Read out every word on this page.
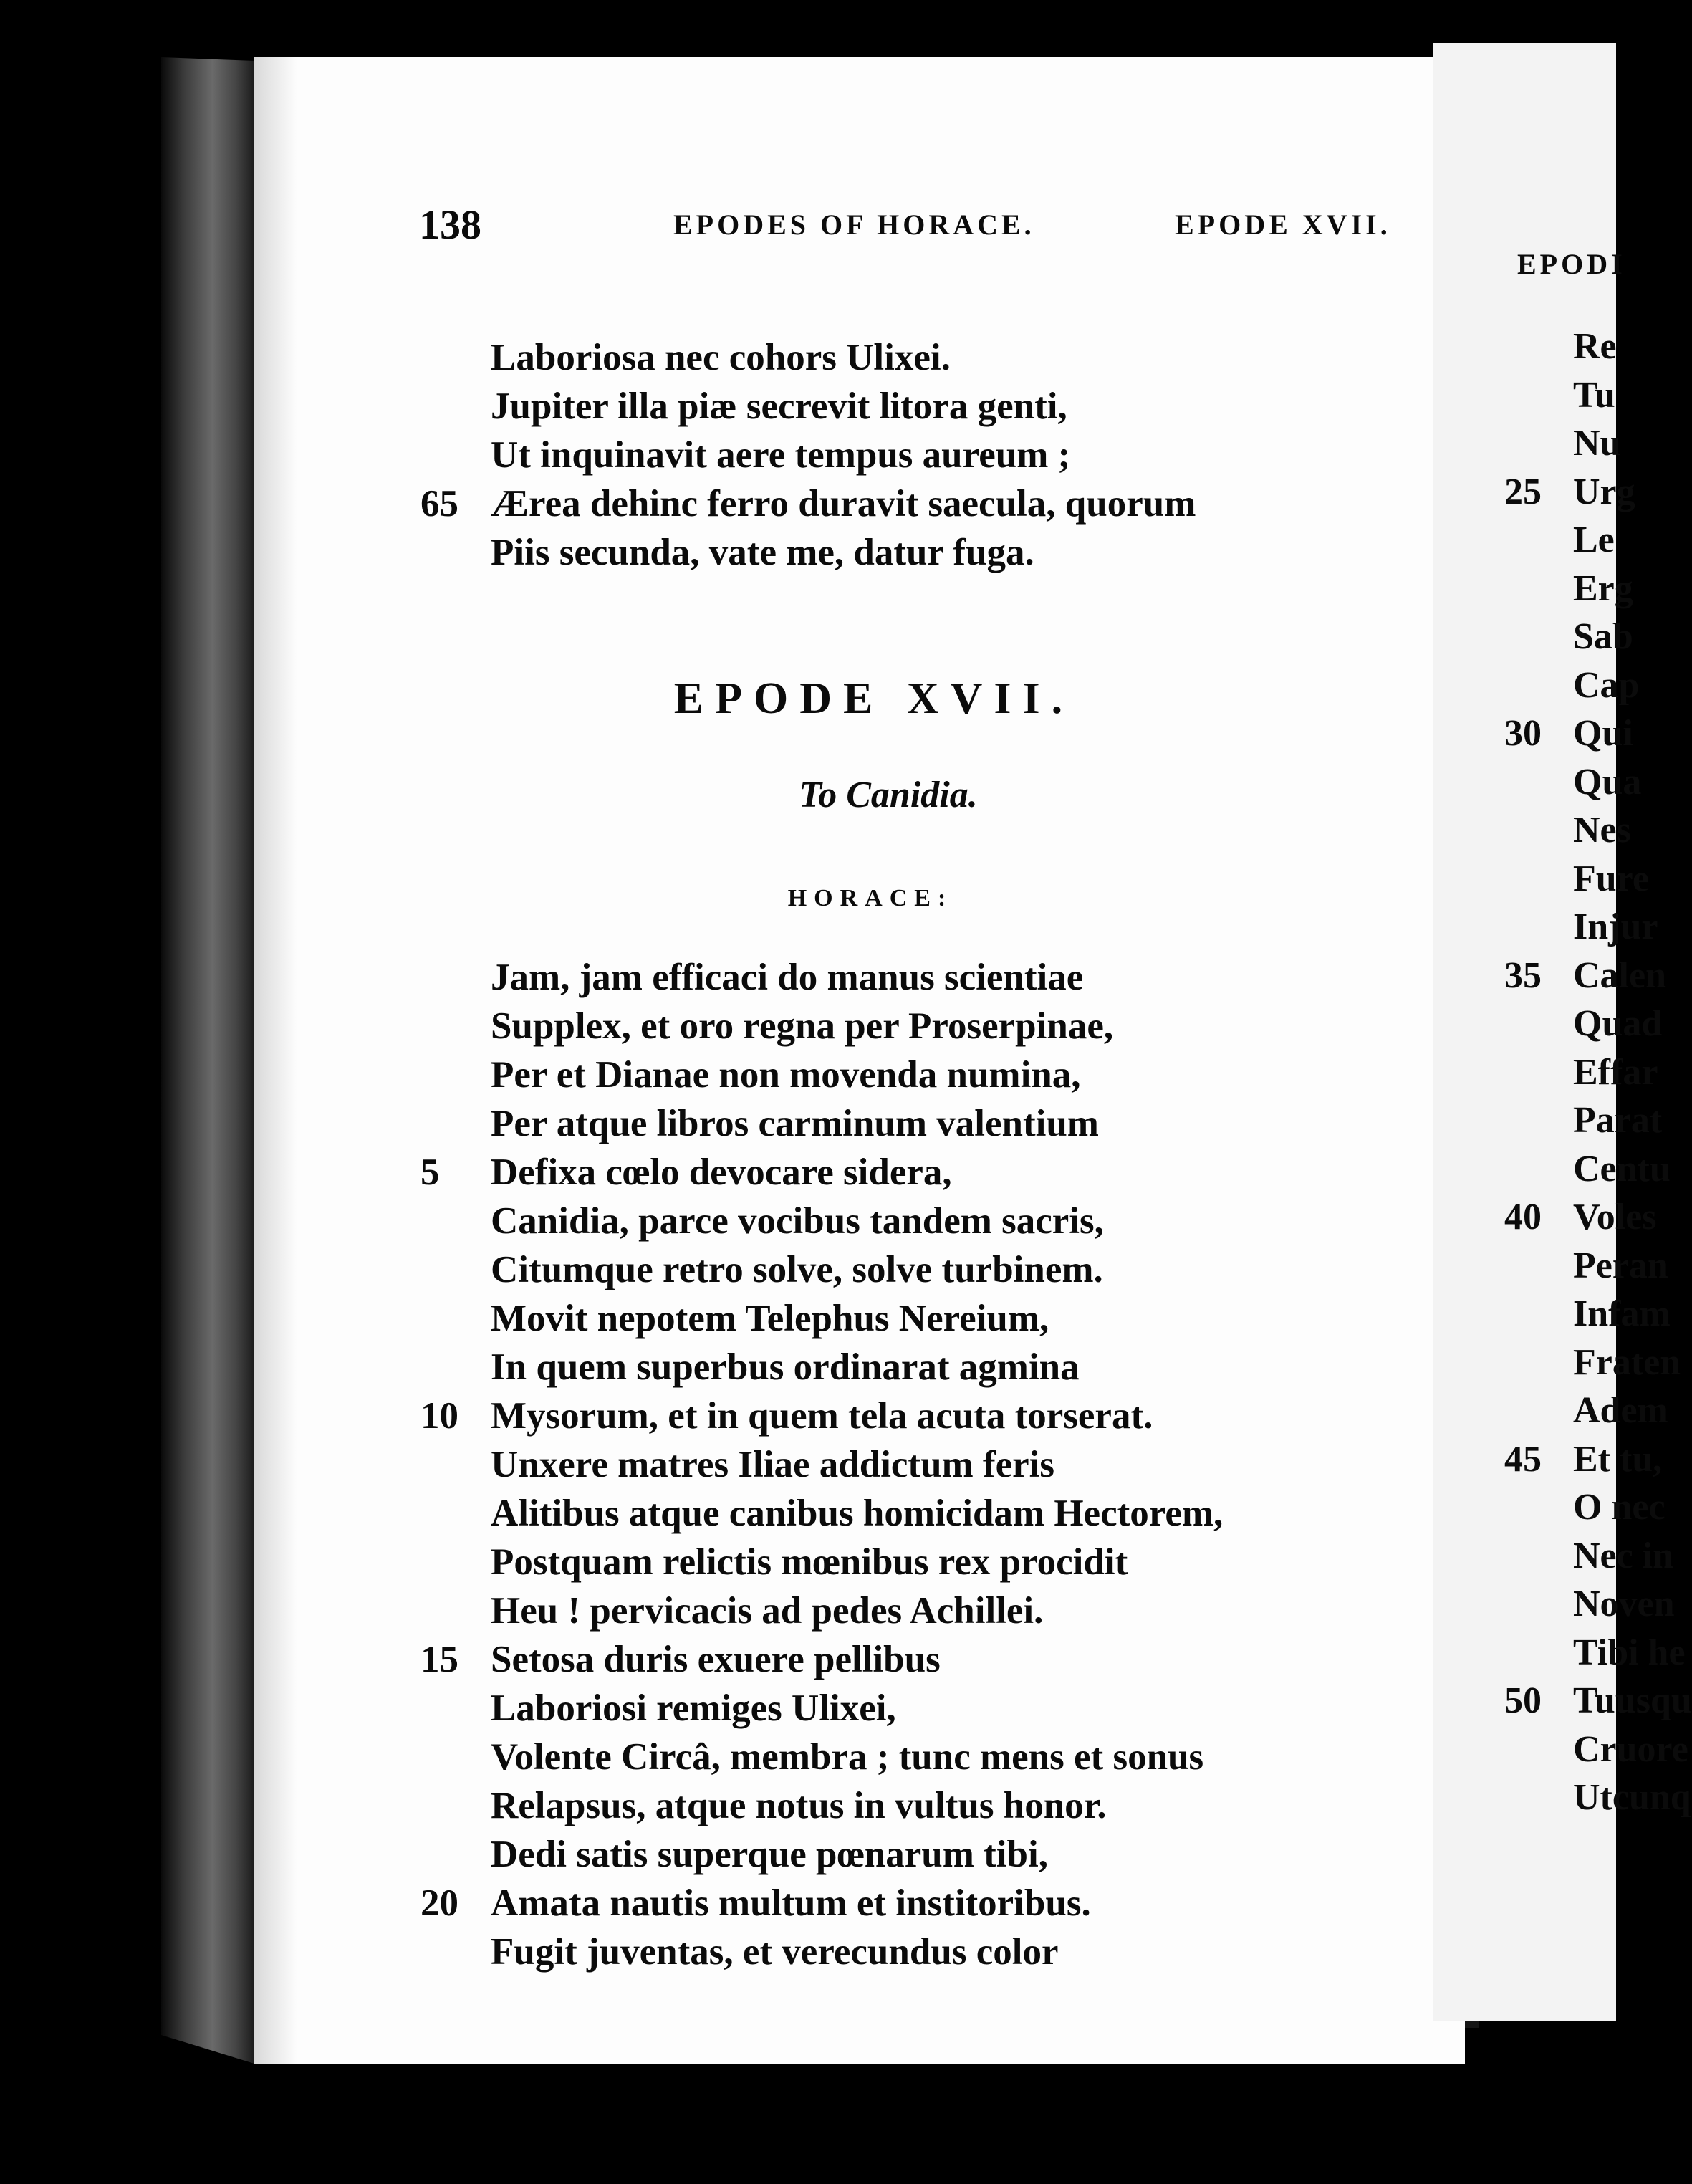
138	EPODES OF HORACE.	EPODE XVII.
Laboriosa nec cohors Ulixei.
Jupiter illa piæ secrevit litora genti,
Ut inquinavit aere tempus aureum ;
65 Ærea dehinc ferro duravit saecula, quorum
Piis secunda, vate me, datur fuga.
EPODE XVII.
To Canidia.
HORACE:
Jam, jam efficaci do manus scientiae
Supplex, et oro regna per Proserpinae,
Per et Dianae non movenda numina,
Per atque libros carminum valentium
5	Defixa cœlo devocare sidera,
Canidia, parce vocibus tandem sacris,
Citumque retro solve, solve turbinem.
Movit nepotem Telephus Nereium,
In quem superbus ordinarat agmina
10 Mysorum, et in quem tela acuta torserat.
Unxere matres Iliae addictum feris
Alitibus atque canibus homicidam Hectorem,
Postquam relictis mœnibus rex procidit
Heu ! pervicacis ad pedes Achillei.
15 Setosa duris exuere pellibus
Laboriosi remiges Ulixei,
Volente Circâ, membra ; tunc mens et sonus
Relapsus, atque notus in vultus honor.
Dedi satis superque pœnarum tibi,
20 Amata nautis multum et institoribus.
Fugit juventas, et verecundus color
EPODI
Re
Tu
Nu
25 Urg
Le
Erg
Sab
Cap
30 Qui
Qua
Nes
Fure
Injur
35 Calen
Quad
Effar
Parat
Centu
40 Voles
Peran
Infam
Fraten
Adem
45 Et tu,
O nec
Nec in
Noven
Tibi he
50 Tuusqu
Cruore
Utcunq
